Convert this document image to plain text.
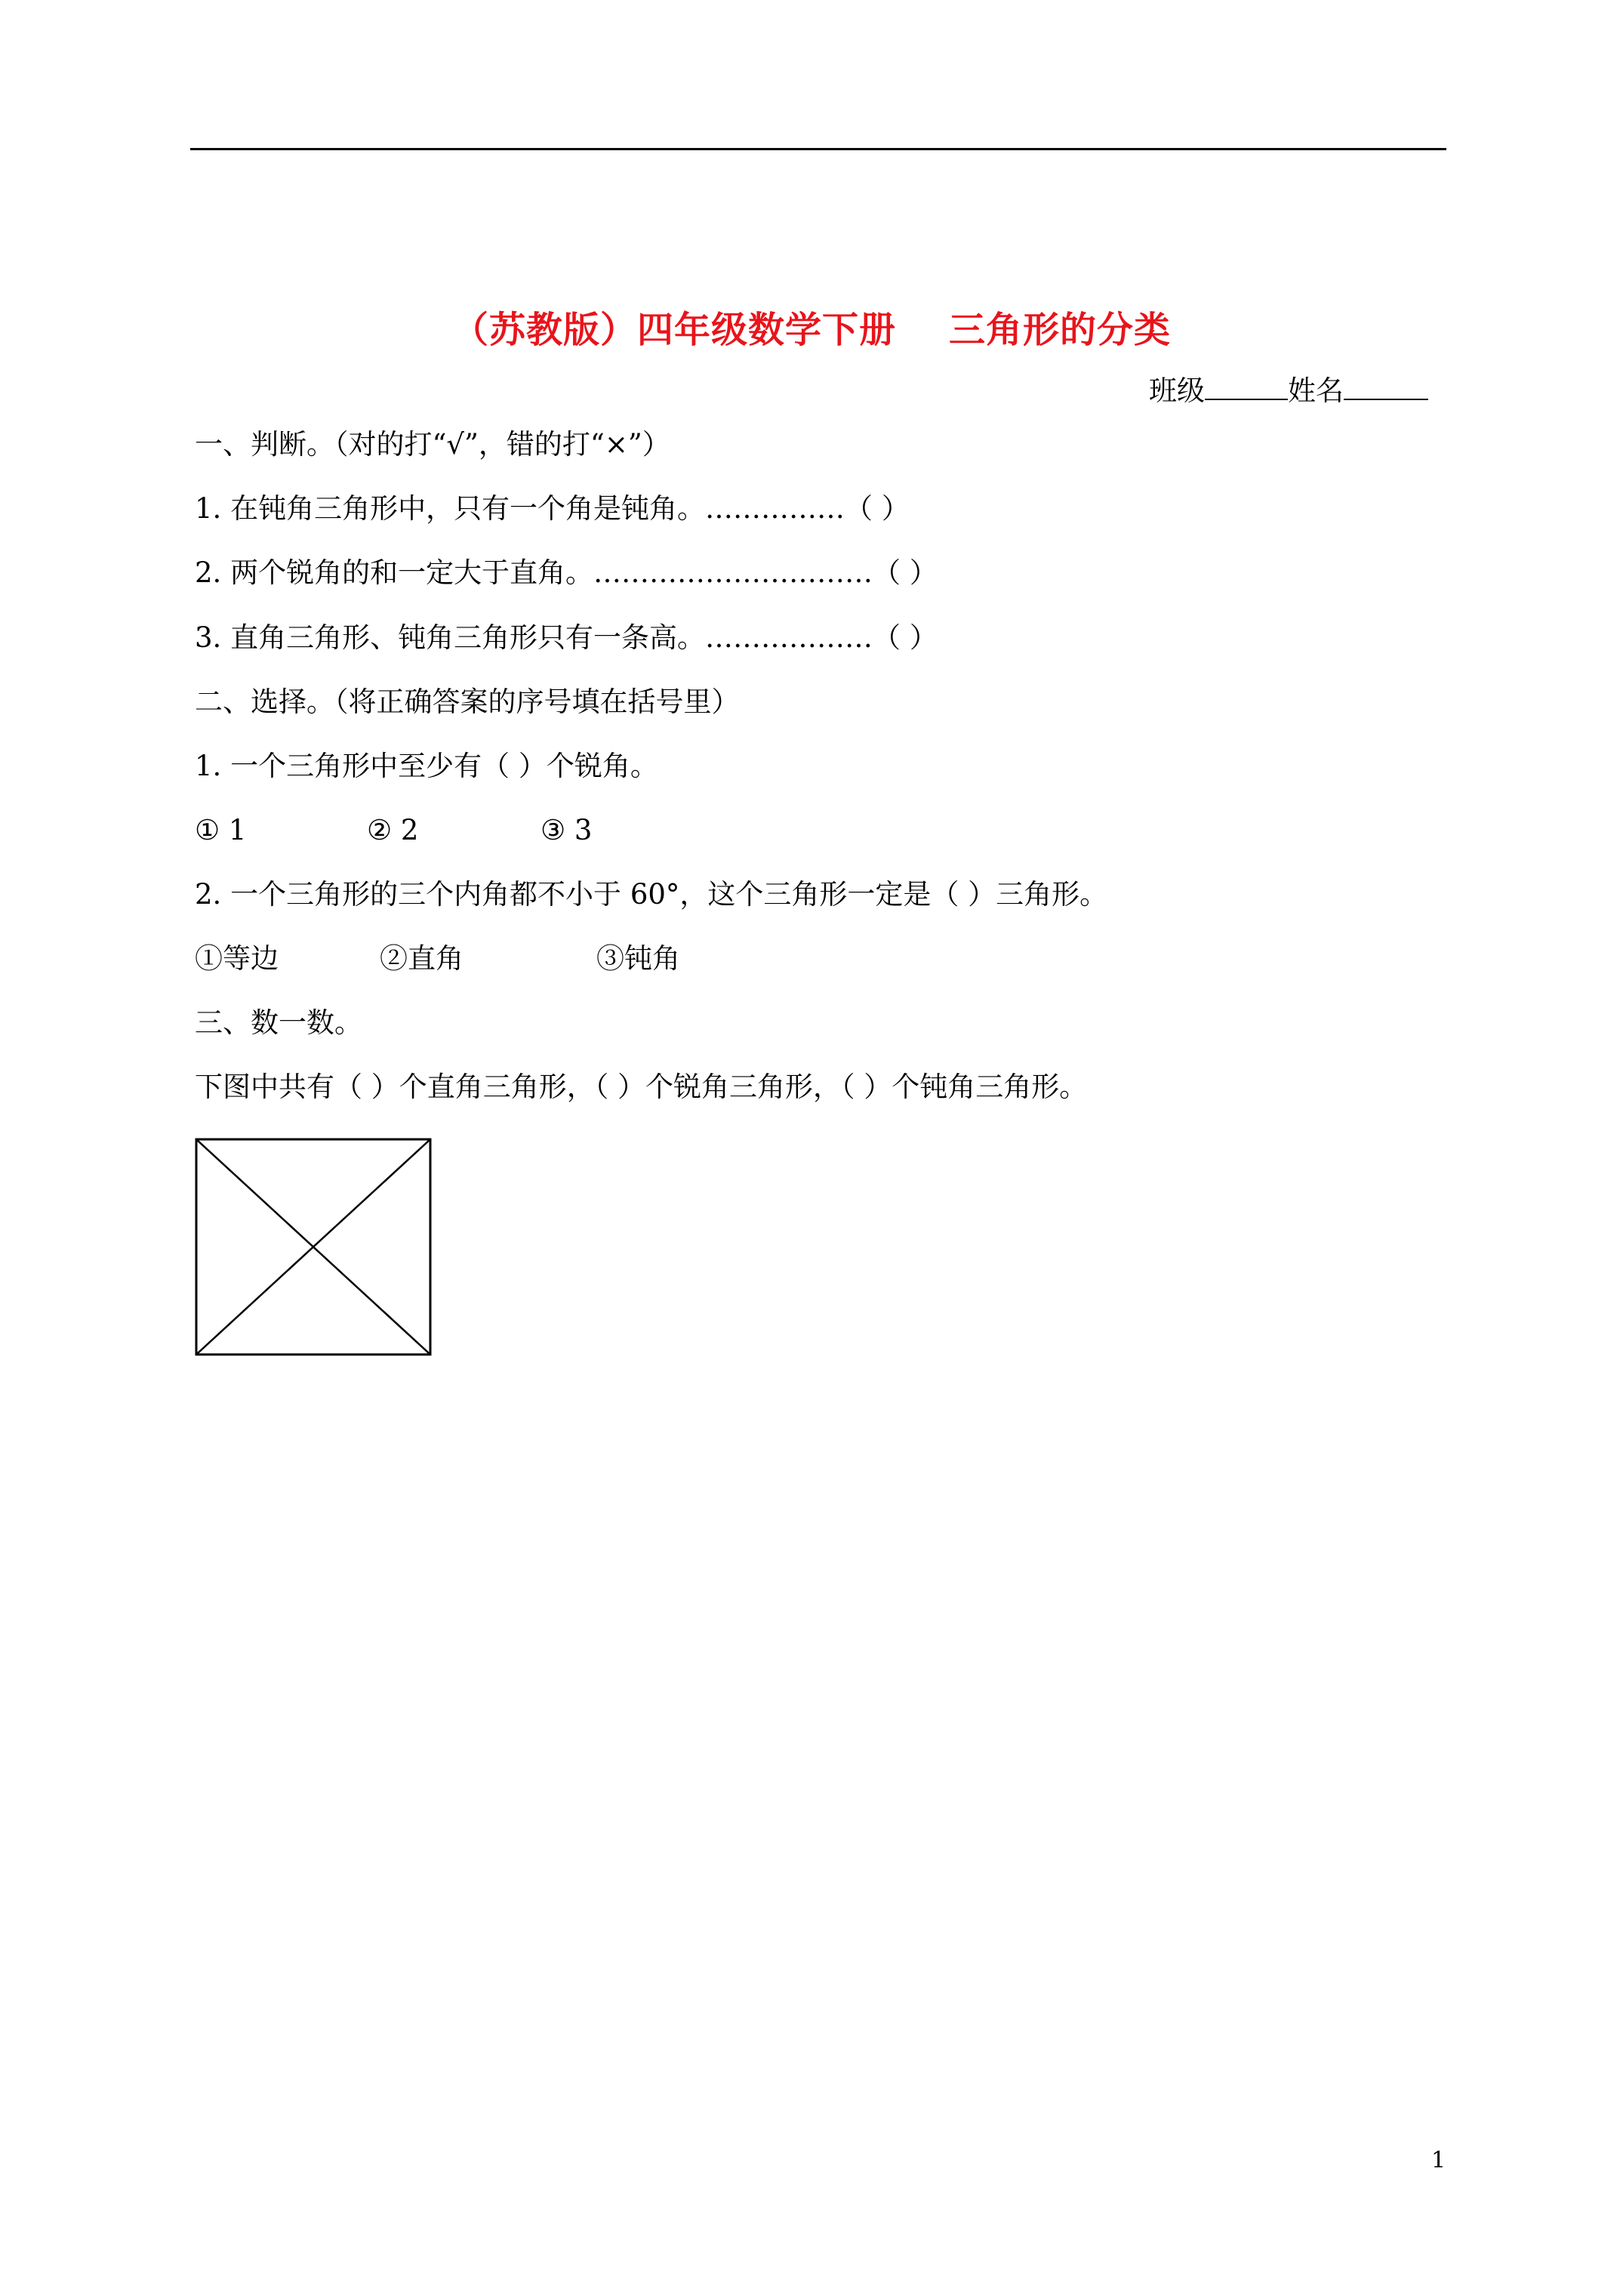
（苏教版）四年级数学下册 三角形的分类
班级	姓名
一、判断。（对的打“√”，错的打“×”）
1. 在钝角三角形中，只有一个角是钝角。……………（ ）
2. 两个锐角的和一定大于直角。…………………………（ ）
3. 直角三角形、钝角三角形只有一条高。………………（ ）
二、选择。（将正确答案的序号填在括号里）
1. 一个三角形中至少有（ ）个锐角。
① 1	② 2	③ 3
2. 一个三角形的三个内角都不小于 60°，这个三角形一定是（ ）三角形。
①等边	②直角	③钝角
三、数一数。
下图中共有（ ）个直角三角形，（ ）个锐角三角形，（ ）个钝角三角形。
1
